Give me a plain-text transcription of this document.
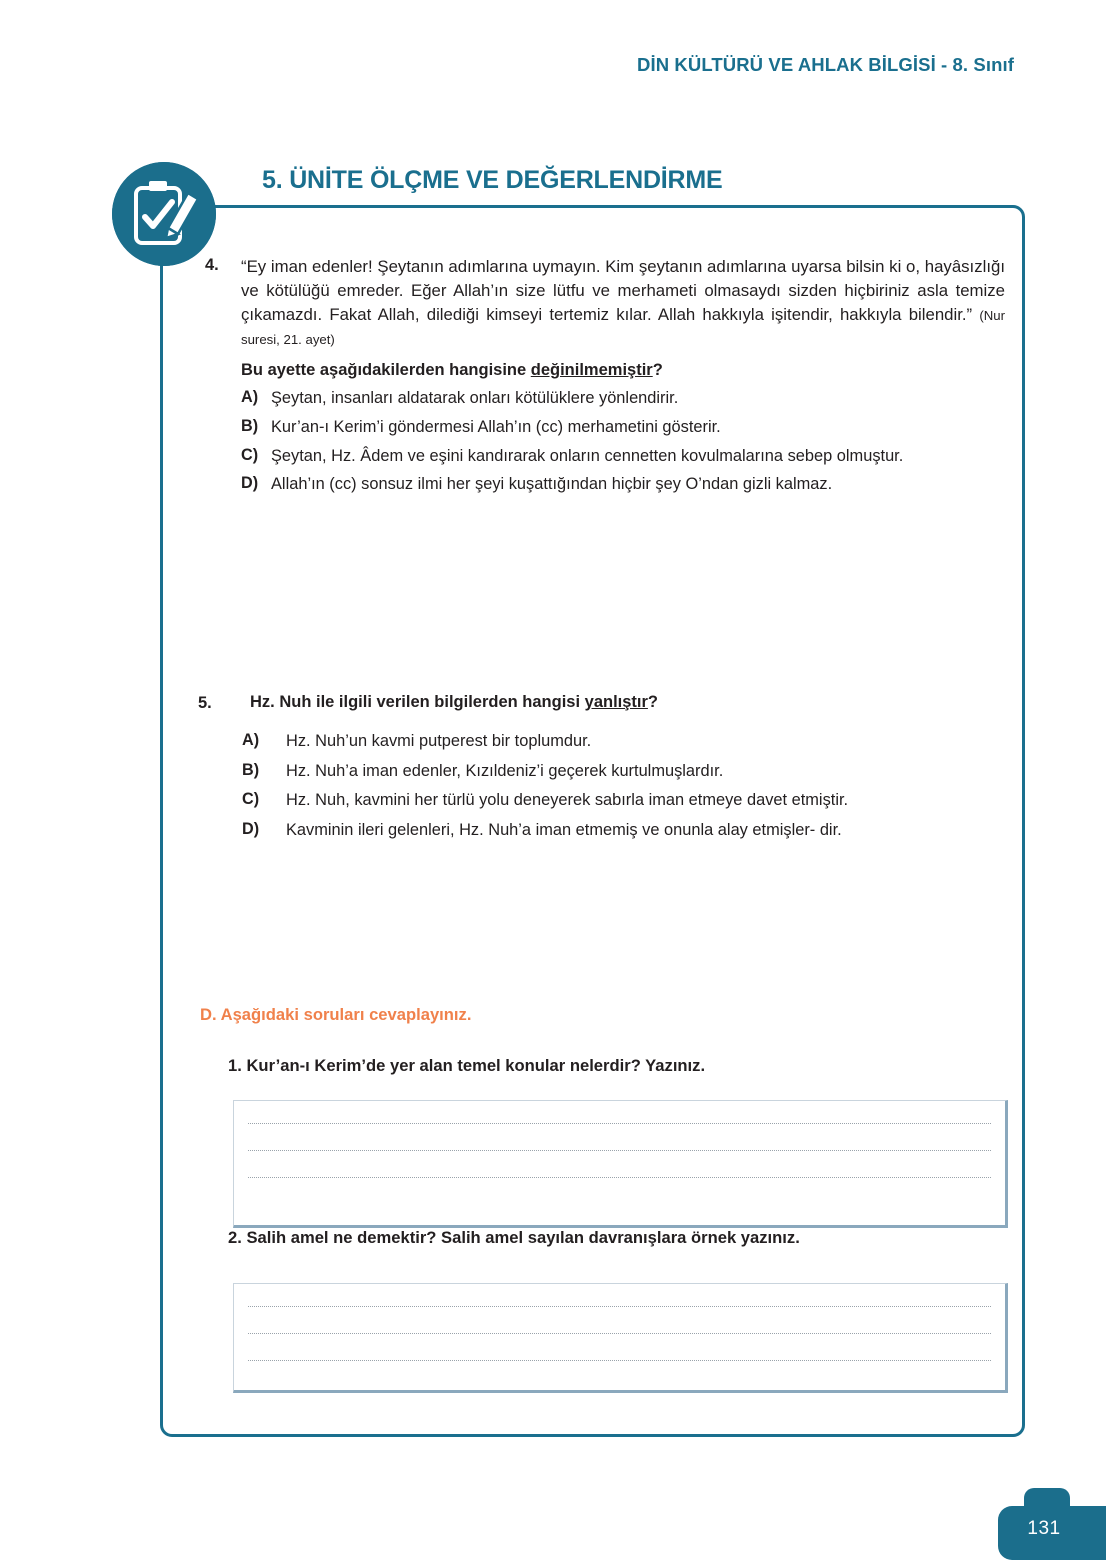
DİN KÜLTÜRÜ VE AHLAK BİLGİSİ - 8. Sınıf
5. ÜNİTE ÖLÇME VE DEĞERLENDİRME
4.	“Ey iman edenler! Şeytanın adımlarına uymayın. Kim şeytanın adımlarına uyarsa bilsin ki o, hayâsızlığı ve kötülüğü emreder. Eğer Allah’ın size lütfu ve merhameti olmasaydı sizden hiçbiriniz asla temize çıkamazdı. Fakat Allah, dilediği kimseyi tertemiz kılar. Allah hakkıyla işitendir, hakkıyla bilendir.” (Nur suresi, 21. ayet)
Bu ayette aşağıdakilerden hangisine değinilmemiştir?
A) Şeytan, insanları aldatarak onları kötülüklere yönlendirir.
B) Kur’an-ı Kerim’i göndermesi Allah’ın (cc) merhametini gösterir.
C) Şeytan, Hz. Âdem ve eşini kandırarak onların cennetten kovulmalarına sebep olmuştur.
D) Allah’ın (cc) sonsuz ilmi her şeyi kuşattığından hiçbir şey O’ndan gizli kalmaz.
5.	Hz. Nuh ile ilgili verilen bilgilerden hangisi yanlıştır?
A)	Hz. Nuh’un kavmi putperest bir toplumdur.
B)	Hz. Nuh’a iman edenler, Kızıldeniz’i geçerek kurtulmuşlardır.
C)	Hz. Nuh, kavmini her türlü yolu deneyerek sabırla iman etmeye davet etmiştir.
D)	Kavminin ileri gelenleri, Hz. Nuh’a iman etmemiş ve onunla alay etmişler- dir.
D. Aşağıdaki soruları cevaplayınız.
1. Kur’an-ı Kerim’de yer alan temel konular nelerdir? Yazınız.
2. Salih amel ne demektir? Salih amel sayılan davranışlara örnek yazınız.
131
